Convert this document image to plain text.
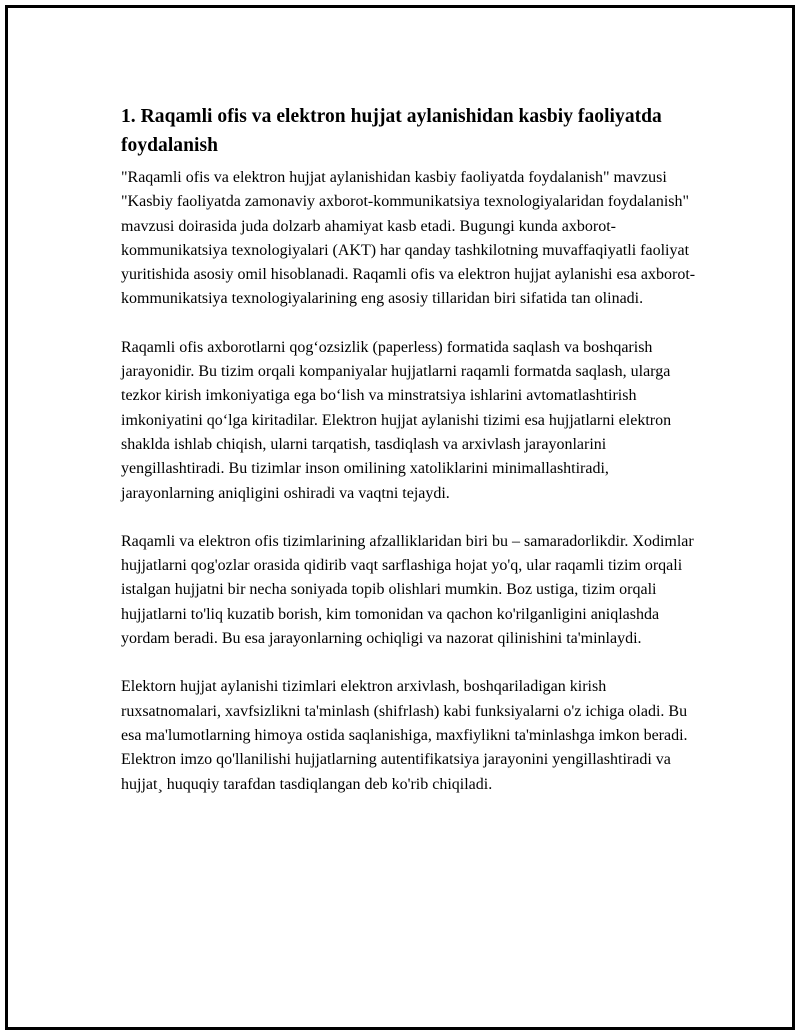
1. Raqamli ofis va elektron hujjat aylanishidan kasbiy faoliyatda foydalanish

"Raqamli ofis va elektron hujjat aylanishidan kasbiy faoliyatda foydalanish" mavzusi "Kasbiy faoliyatda zamonaviy axborot-kommunikatsiya texnologiyalaridan foydalanish" mavzusi doirasida juda dolzarb ahamiyat kasb etadi. Bugungi kunda axborot-kommunikatsiya texnologiyalari (AKT) har qanday tashkilotning muvaffaqiyatli faoliyat yuritishida asosiy omil hisoblanadi. Raqamli ofis va elektron hujjat aylanishi esa axborot-kommunikatsiya texnologiyalarining eng asosiy tillaridan biri sifatida tan olinadi.

Raqamli ofis axborotlarni qog‘ozsizlik (paperless) formatida saqlash va boshqarish jarayonidir. Bu tizim orqali kompaniyalar hujjatlarni raqamli formatda saqlash, ularga tezkor kirish imkoniyatiga ega bo‘lish va minstratsiya ishlarini avtomatlashtirish imkoniyatini qo‘lga kiritadilar. Elektron hujjat aylanishi tizimi esa hujjatlarni elektron shaklda ishlab chiqish, ularni tarqatish, tasdiqlash va arxivlash jarayonlarini yengillashtiradi. Bu tizimlar inson omilining xatoliklarini minimallashtiradi, jarayonlarning aniqligini oshiradi va vaqtni tejaydi.

Raqamli va elektron ofis tizimlarining afzalliklaridan biri bu – samaradorlikdir. Xodimlar hujjatlarni qog'ozlar orasida qidirib vaqt sarflashiga hojat yo'q, ular raqamli tizim orqali istalgan hujjatni bir necha soniyada topib olishlari mumkin. Boz ustiga, tizim orqali hujjatlarni to'liq kuzatib borish, kim tomonidan va qachon ko'rilganligini aniqlashda yordam beradi. Bu esa jarayonlarning ochiqligi va nazorat qilinishini ta'minlaydi.

Elektorn hujjat aylanishi tizimlari elektron arxivlash, boshqariladigan kirish ruxsatnomalari, xavfsizlikni ta'minlash (shifrlash) kabi funksiyalarni o'z ichiga oladi. Bu esa ma'lumotlarning himoya ostida saqlanishiga, maxfiylikni ta'minlashga imkon beradi. Elektron imzo qo'llanilishi hujjatlarning autentifikatsiya jarayonini yengillashtiradi va hujjat¸ huquqiy tarafdan tasdiqlangan deb ko'rib chiqiladi.
